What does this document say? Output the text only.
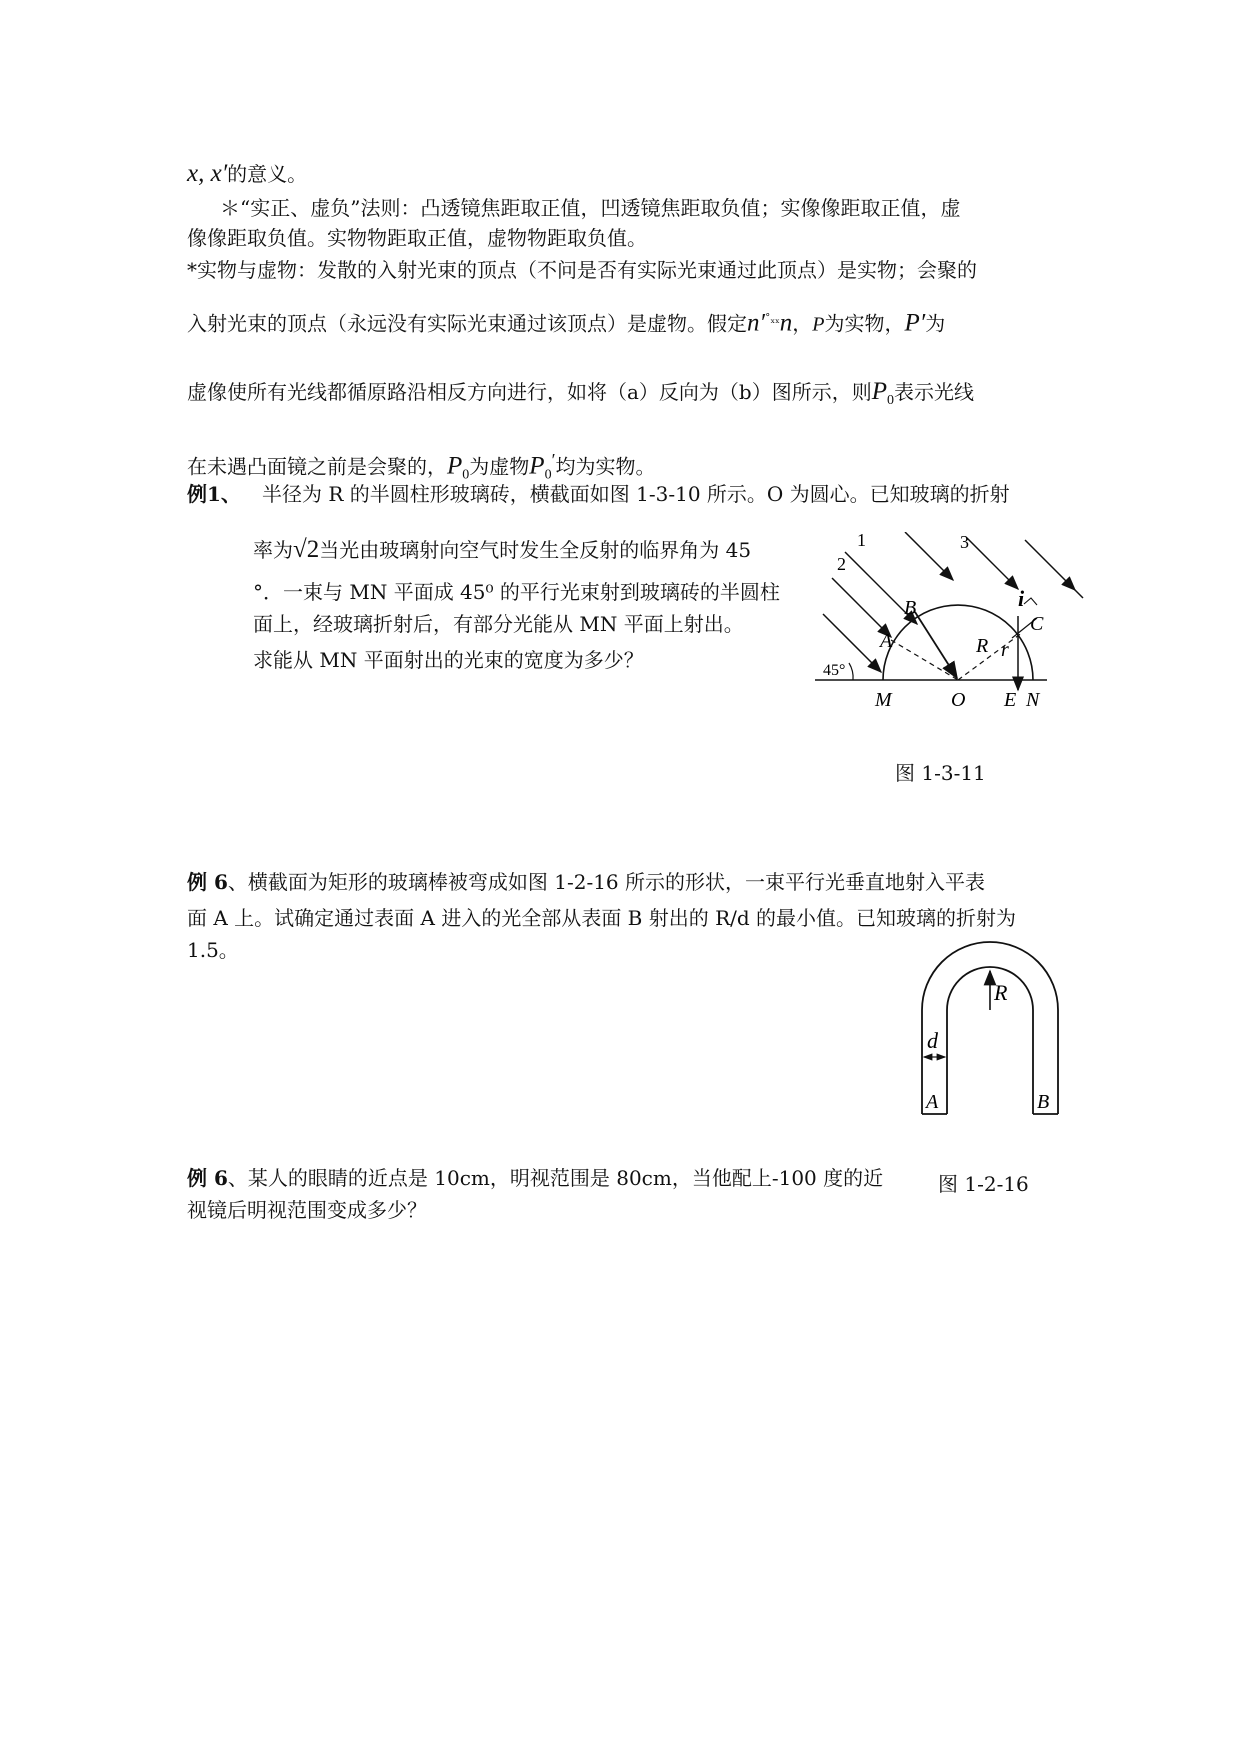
x, x′的意义。
＊“实正、虚负”法则：凸透镜焦距取正值，凹透镜焦距取负值；实像像距取正值，虚
像像距取负值。实物物距取正值，虚物物距取负值。
*实物与虚物：发散的入射光束的顶点（不问是否有实际光束通过此顶点）是实物；会聚的
入射光束的顶点（永远没有实际光束通过该顶点）是虚物。假定$n'^{˚_{xx}}n$，P为实物，P′为
虚像使所有光线都循原路沿相反方向进行，如将（a）反向为（b）图所示，则$P_0$表示光线
在未遇凸面镜之前是会聚的，$P_0$为虚物$P_0'$均为实物。
例1、 半径为 R 的半圆柱形玻璃砖，横截面如图 1-3-10 所示。O 为圆心。已知玻璃的折射
率为√2当光由玻璃射向空气时发生全反射的临界角为 45
°．一束与 MN 平面成 45⁰ 的平行光束射到玻璃砖的半圆柱
面上，经玻璃折射后，有部分光能从 MN 平面上射出。
求能从 MN 平面射出的光束的宽度为多少？
1
2
3
B
A
i
C
R r
45°
M	O E N
图 1-3-11
例 6、横截面为矩形的玻璃棒被弯成如图 1-2-16 所示的形状，一束平行光垂直地射入平表
面 A 上。试确定通过表面 A 进入的光全部从表面 B 射出的 R/d 的最小值。已知玻璃的折射为
1.5。
R
d
A	B
例 6、某人的眼睛的近点是 10cm，明视范围是 80cm，当他配上-100 度的近
视镜后明视范围变成多少？
图 1-2-16
